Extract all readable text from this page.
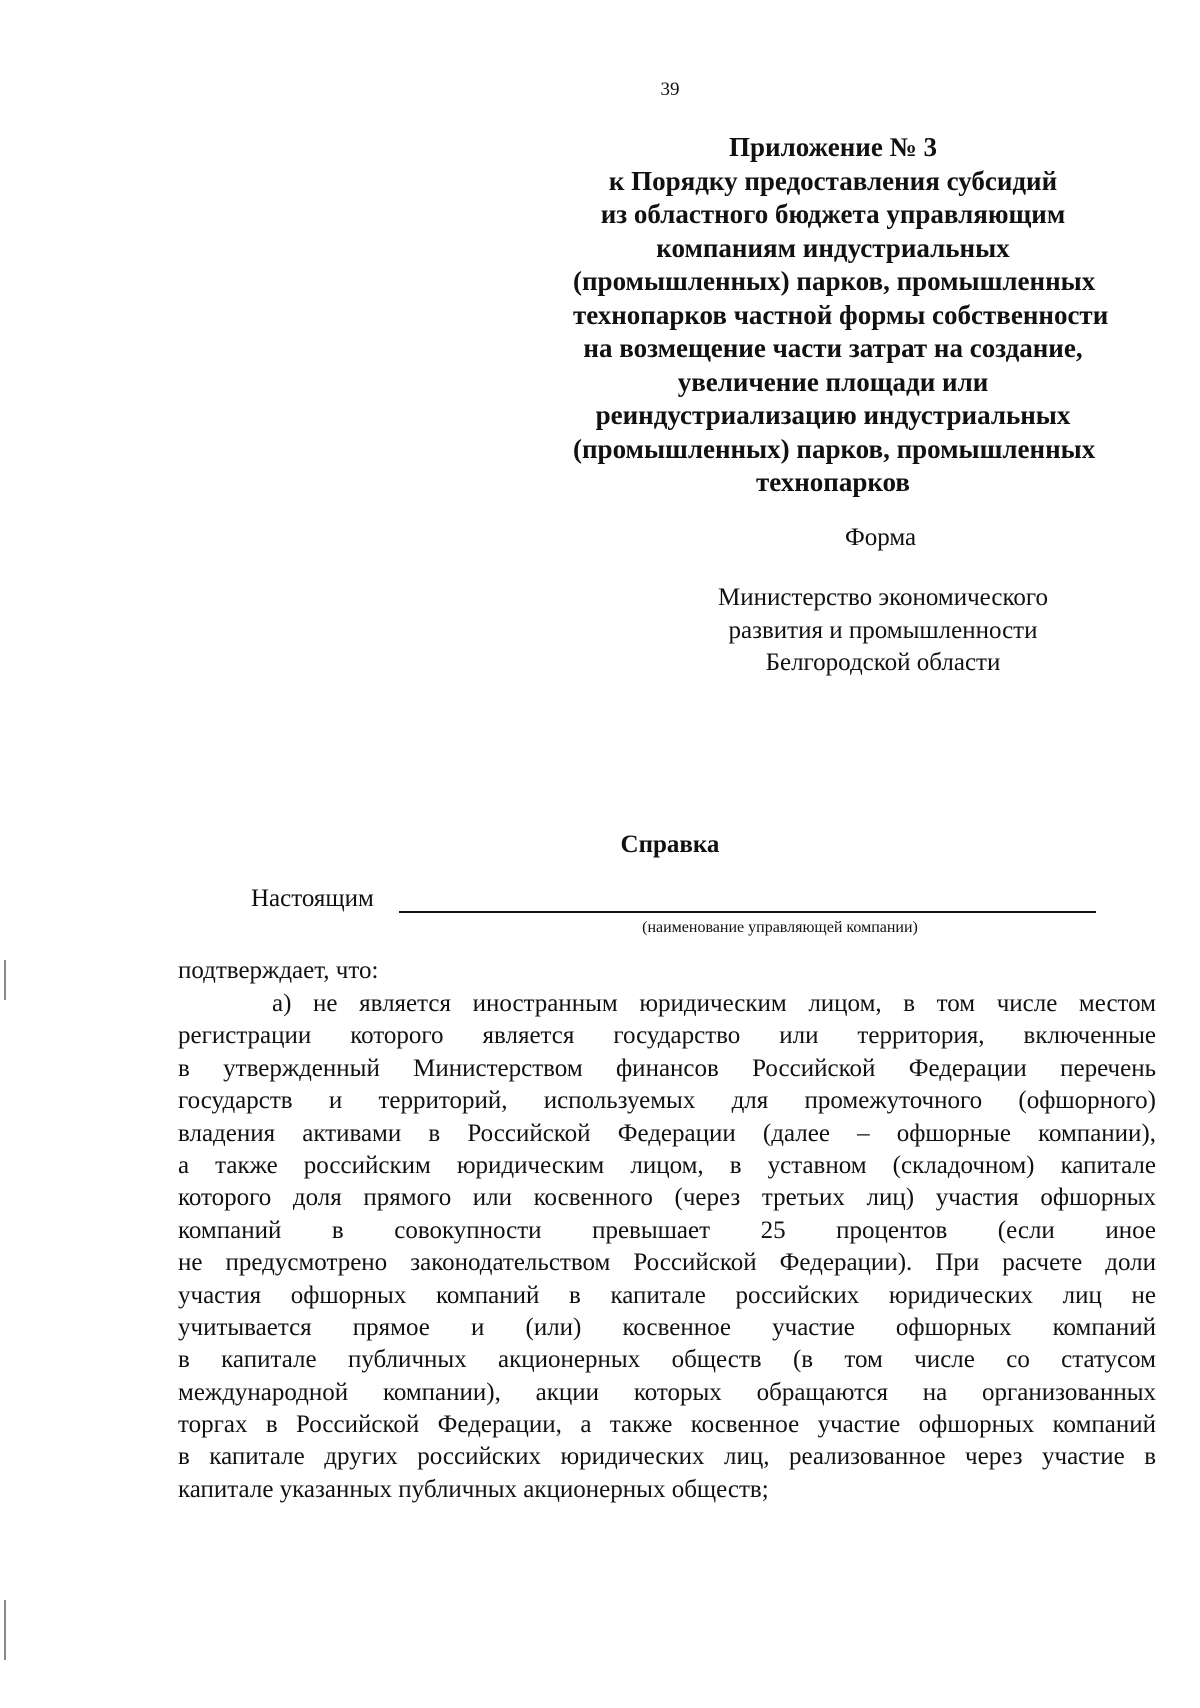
39
Приложение № 3
к Порядку предоставления субсидий
из областного бюджета управляющим
компаниям индустриальных
(промышленных) парков, промышленных
технопарков частной формы собственности
на возмещение части затрат на создание,
увеличение площади или
реиндустриализацию индустриальных
(промышленных) парков, промышленных
технопарков
Форма
Министерство экономического
развития и промышленности
Белгородской области
Справка
Настоящим
(наименование управляющей компании)
подтверждает, что:
а) не является иностранным юридическим лицом, в том числе местом
регистрации которого является государство или территория, включенные
в утвержденный Министерством финансов Российской Федерации перечень
государств и территорий, используемых для промежуточного (офшорного)
владения активами в Российской Федерации (далее – офшорные компании),
а также российским юридическим лицом, в уставном (складочном) капитале
которого доля прямого или косвенного (через третьих лиц) участия офшорных
компаний в совокупности превышает 25 процентов (если иное
не предусмотрено законодательством Российской Федерации). При расчете доли
участия офшорных компаний в капитале российских юридических лиц не
учитывается прямое и (или) косвенное участие офшорных компаний
в капитале публичных акционерных обществ (в том числе со статусом
международной компании), акции которых обращаются на организованных
торгах в Российской Федерации, а также косвенное участие офшорных компаний
в капитале других российских юридических лиц, реализованное через участие в
капитале указанных публичных акционерных обществ;
